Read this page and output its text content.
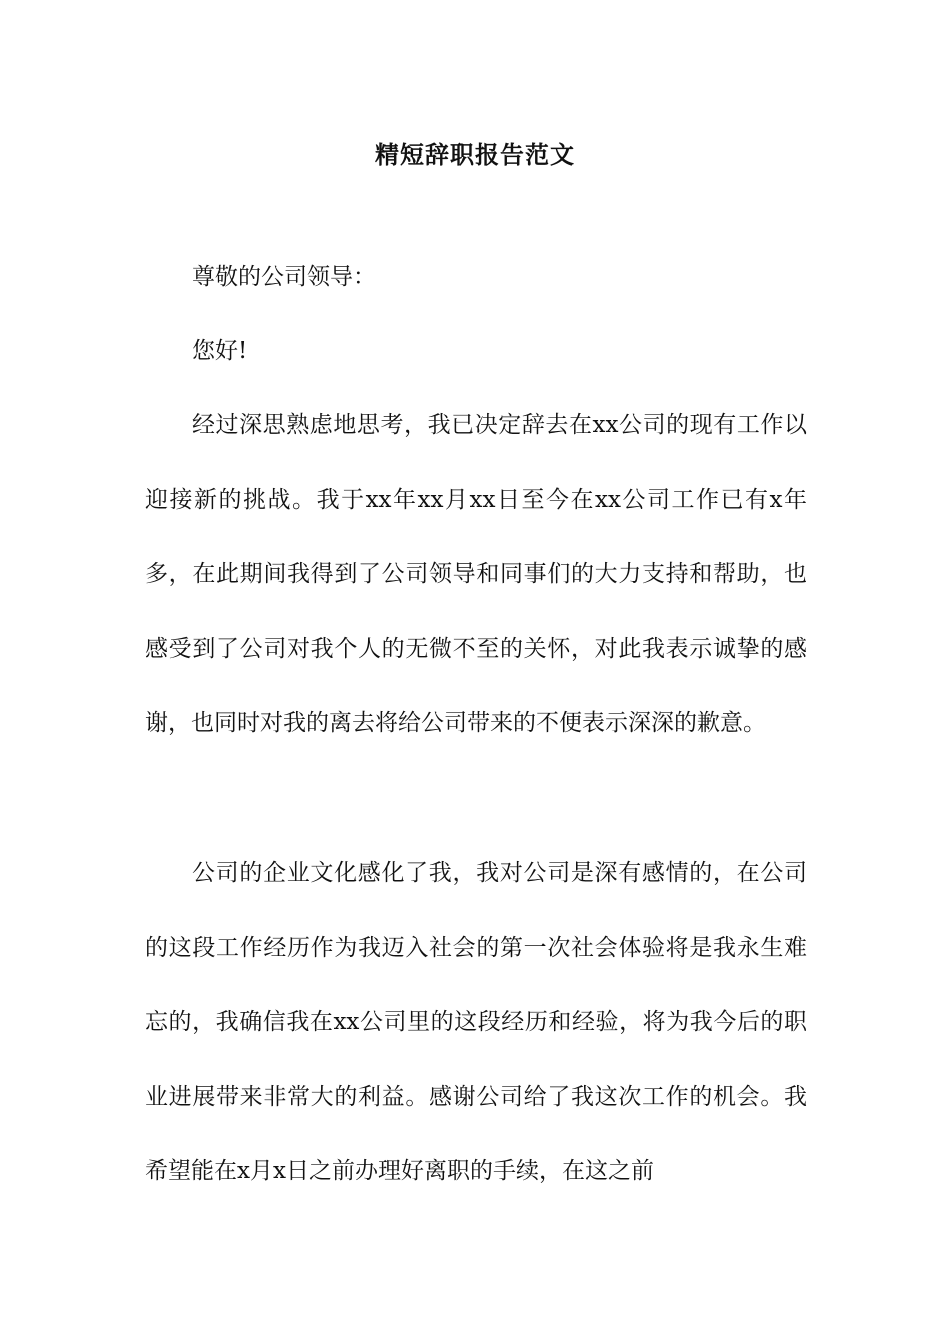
精短辞职报告范文
尊敬的公司领导：
您好!
经过深思熟虑地思考，我已决定辞去在xx公司的现有工作以迎接新的挑战。我于xx年xx月xx日至今在xx公司工作已有x年多，在此期间我得到了公司领导和同事们的大力支持和帮助，也感受到了公司对我个人的无微不至的关怀，对此我表示诚挚的感谢，也同时对我的离去将给公司带来的不便表示深深的歉意。
公司的企业文化感化了我，我对公司是深有感情的，在公司的这段工作经历作为我迈入社会的第一次社会体验将是我永生难忘的，我确信我在xx公司里的这段经历和经验，将为我今后的职业进展带来非常大的利益。感谢公司给了我这次工作的机会。我希望能在x月x日之前办理好离职的手续，在这之前
